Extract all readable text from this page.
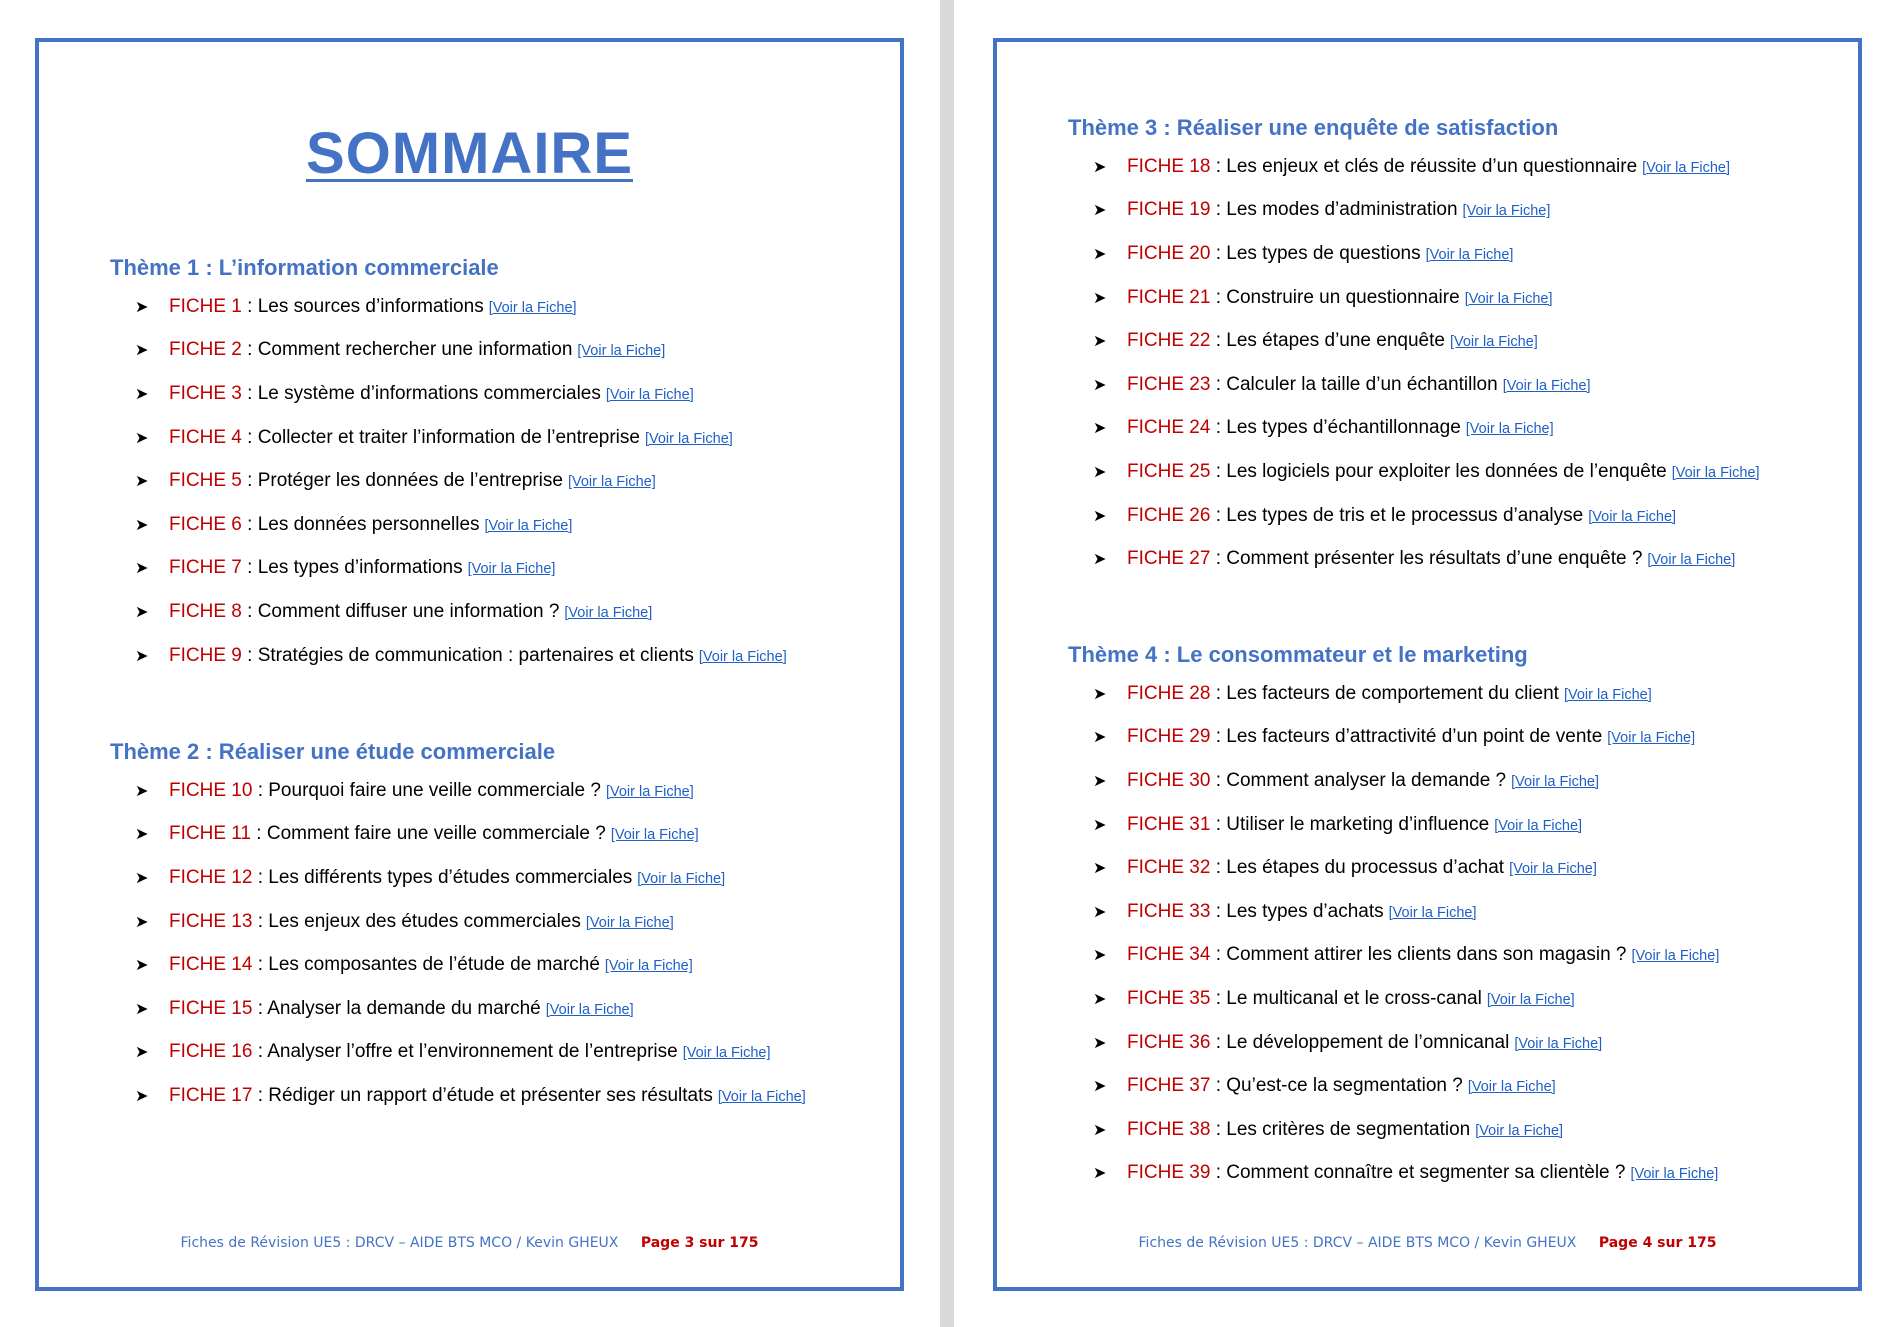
SOMMAIRE
Thème 1 : L’information commerciale
➤	FICHE 1 : Les sources d’informations [Voir la Fiche]
➤	FICHE 2 : Comment rechercher une information [Voir la Fiche]
➤	FICHE 3 : Le système d’informations commerciales [Voir la Fiche]
➤	FICHE 4 : Collecter et traiter l’information de l’entreprise [Voir la Fiche]
➤	FICHE 5 : Protéger les données de l’entreprise [Voir la Fiche]
➤	FICHE 6 : Les données personnelles [Voir la Fiche]
➤	FICHE 7 : Les types d’informations [Voir la Fiche]
➤	FICHE 8 : Comment diffuser une information ? [Voir la Fiche]
➤	FICHE 9 : Stratégies de communication : partenaires et clients [Voir la Fiche]
Thème 2 : Réaliser une étude commerciale
➤	FICHE 10 : Pourquoi faire une veille commerciale ? [Voir la Fiche]
➤	FICHE 11 : Comment faire une veille commerciale ? [Voir la Fiche]
➤	FICHE 12 : Les différents types d’études commerciales [Voir la Fiche]
➤	FICHE 13 : Les enjeux des études commerciales [Voir la Fiche]
➤	FICHE 14 : Les composantes de l’étude de marché [Voir la Fiche]
➤	FICHE 15 : Analyser la demande du marché [Voir la Fiche]
➤	FICHE 16 : Analyser l’offre et l’environnement de l’entreprise [Voir la Fiche]
➤	FICHE 17 : Rédiger un rapport d’étude et présenter ses résultats [Voir la Fiche]
Fiches de Révision UE5 : DRCV – AIDE BTS MCO / Kevin GHEUX Page 3 sur 175
Thème 3 : Réaliser une enquête de satisfaction
➤	FICHE 18 : Les enjeux et clés de réussite d’un questionnaire [Voir la Fiche]
➤	FICHE 19 : Les modes d’administration [Voir la Fiche]
➤	FICHE 20 : Les types de questions [Voir la Fiche]
➤	FICHE 21 : Construire un questionnaire [Voir la Fiche]
➤	FICHE 22 : Les étapes d’une enquête [Voir la Fiche]
➤	FICHE 23 : Calculer la taille d’un échantillon [Voir la Fiche]
➤	FICHE 24 : Les types d’échantillonnage [Voir la Fiche]
➤	FICHE 25 : Les logiciels pour exploiter les données de l’enquête [Voir la Fiche]
➤	FICHE 26 : Les types de tris et le processus d’analyse [Voir la Fiche]
➤	FICHE 27 : Comment présenter les résultats d’une enquête ? [Voir la Fiche]
Thème 4 : Le consommateur et le marketing
➤	FICHE 28 : Les facteurs de comportement du client [Voir la Fiche]
➤	FICHE 29 : Les facteurs d’attractivité d’un point de vente [Voir la Fiche]
➤	FICHE 30 : Comment analyser la demande ? [Voir la Fiche]
➤	FICHE 31 : Utiliser le marketing d’influence [Voir la Fiche]
➤	FICHE 32 : Les étapes du processus d’achat [Voir la Fiche]
➤	FICHE 33 : Les types d’achats [Voir la Fiche]
➤	FICHE 34 : Comment attirer les clients dans son magasin ? [Voir la Fiche]
➤	FICHE 35 : Le multicanal et le cross-canal [Voir la Fiche]
➤	FICHE 36 : Le développement de l’omnicanal [Voir la Fiche]
➤	FICHE 37 : Qu’est-ce la segmentation ? [Voir la Fiche]
➤	FICHE 38 : Les critères de segmentation [Voir la Fiche]
➤	FICHE 39 : Comment connaître et segmenter sa clientèle ? [Voir la Fiche]
Fiches de Révision UE5 : DRCV – AIDE BTS MCO / Kevin GHEUX Page 4 sur 175
